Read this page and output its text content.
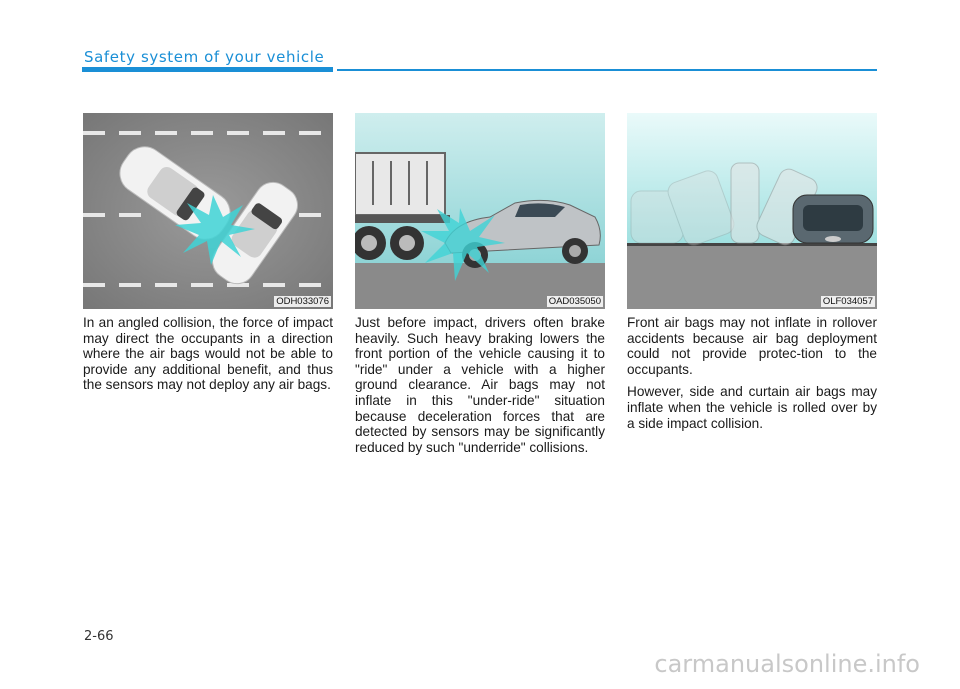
Safety system of your vehicle
ODH033076

In an angled collision, the force of impact may direct the occupants in a direction where the air bags would not be able to provide any additional benefit, and thus the sensors may not deploy any air bags.

OAD035050

Just before impact, drivers often brake heavily. Such heavy braking lowers the front portion of the vehicle causing it to "ride" under a vehicle with a higher ground clearance. Air bags may not inflate in this "under-ride" situation because deceleration forces that are detected by sensors may be significantly reduced by such "underride" collisions.

OLF034057

Front air bags may not inflate in rollover accidents because air bag deployment could not provide protec-tion to the occupants.

However, side and curtain air bags may inflate when the vehicle is rolled over by a side impact collision.

2-66
carmanualsonline.info
